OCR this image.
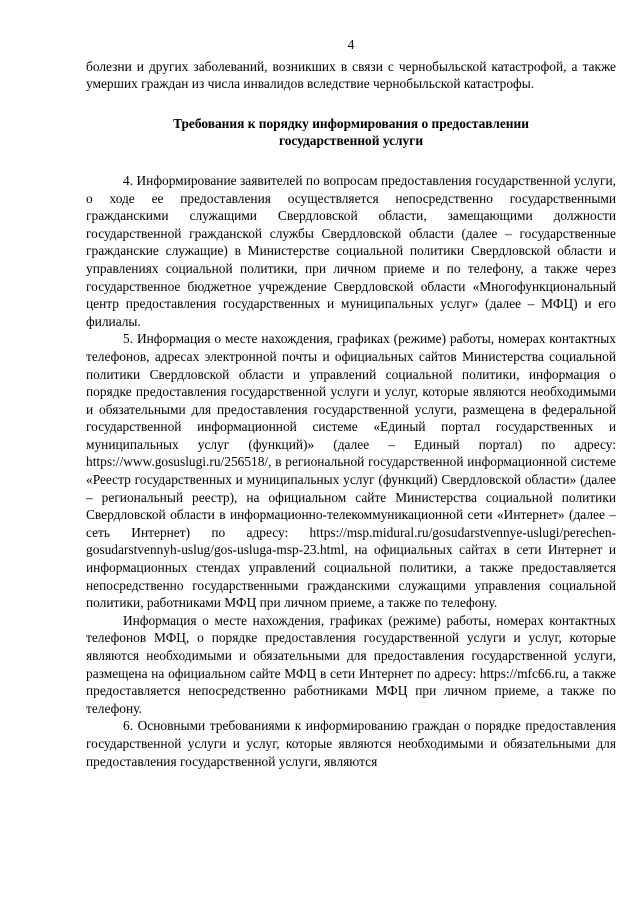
4

болезни и других заболеваний, возникших в связи с чернобыльской катастрофой, а также умерших граждан из числа инвалидов вследствие чернобыльской катастрофы.

Требования к порядку информирования о предоставлении
государственной услуги

4. Информирование заявителей по вопросам предоставления государственной услуги, о ходе ее предоставления осуществляется непосредственно государственными гражданскими служащими Свердловской области, замещающими должности государственной гражданской службы Свердловской области (далее – государственные гражданские служащие) в Министерстве социальной политики Свердловской области и управлениях социальной политики, при личном приеме и по телефону, а также через государственное бюджетное учреждение Свердловской области «Многофункциональный центр предоставления государственных и муниципальных услуг» (далее – МФЦ) и его филиалы.

5. Информация о месте нахождения, графиках (режиме) работы, номерах контактных телефонов, адресах электронной почты и официальных сайтов Министерства социальной политики Свердловской области и управлений социальной политики, информация о порядке предоставления государственной услуги и услуг, которые являются необходимыми и обязательными для предоставления государственной услуги, размещена в федеральной государственной информационной системе «Единый портал государственных и муниципальных услуг (функций)» (далее – Единый портал) по адресу: https://www.gosuslugi.ru/256518/, в региональной государственной информационной системе «Реестр государственных и муниципальных услуг (функций) Свердловской области» (далее – региональный реестр), на официальном сайте Министерства социальной политики Свердловской области в информационно-телекоммуникационной сети «Интернет» (далее – сеть Интернет) по адресу: https://msp.midural.ru/gosudarstvennye-uslugi/perechen-gosudarstvennyh-uslug/gos-usluga-msp-23.html, на официальных сайтах в сети Интернет и информационных стендах управлений социальной политики, а также предоставляется непосредственно государственными гражданскими служащими управления социальной политики, работниками МФЦ при личном приеме, а также по телефону.

Информация о месте нахождения, графиках (режиме) работы, номерах контактных телефонов МФЦ, о порядке предоставления государственной услуги и услуг, которые являются необходимыми и обязательными для предоставления государственной услуги, размещена на официальном сайте МФЦ в сети Интернет по адресу: https://mfc66.ru, а также предоставляется непосредственно работниками МФЦ при личном приеме, а также по телефону.

6. Основными требованиями к информированию граждан о порядке предоставления государственной услуги и услуг, которые являются необходимыми и обязательными для предоставления государственной услуги, являются
